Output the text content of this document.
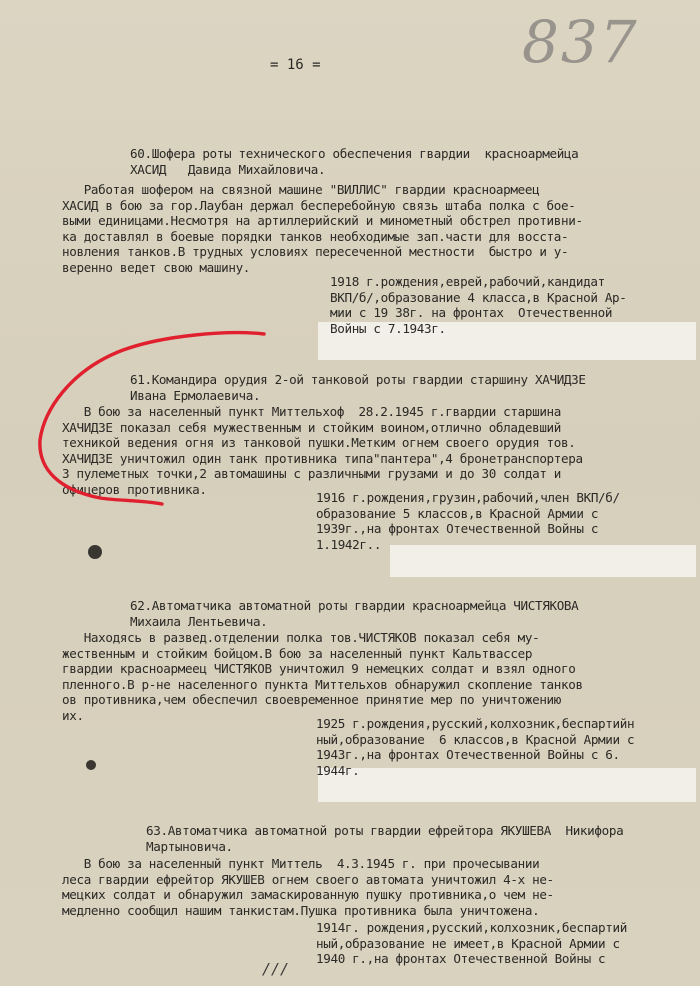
837
= 16 =
60.Шофера роты технического обеспечения гвардии  красноармейца
ХАСИД   Давида Михайловича.
Работая шофером на связной машине "ВИЛЛИС" гвардии красноармеец
ХАСИД в бою за гор.Лаубан держал бесперебойную связь штаба полка с бое-
выми единицами.Несмотря на артиллерийский и минометный обстрел противни-
ка доставлял в боевые порядки танков необходимые зап.части для восста-
новления танков.В трудных условиях пересеченной местности  быстро и у-
веренно ведет свою машину.
1918 г.рождения,еврей,рабочий,кандидат
ВКП/б/,образование 4 класса,в Красной Ар-
мии с 19 38г. на фронтах  Отечественной
Войны с 7.1943г.
61.Командира орудия 2-ой танковой роты гвардии старшину ХАЧИДЗЕ
Ивана Ермолаевича.
В бою за населенный пункт Миттельхоф  28.2.1945 г.гвардии старшина
ХАЧИДЗЕ показал себя мужественным и стойким воином,отлично обладевший
техникой ведения огня из танковой пушки.Метким огнем своего орудия тов.
ХАЧИДЗЕ уничтожил один танк противника типа"пантера",4 бронетранспортера
3 пулеметных точки,2 автомашины с различными грузами и до 30 солдат и
офицеров противника.
1916 г.рождения,грузин,рабочий,член ВКП/б/
образование 5 классов,в Красной Армии с
1939г.,на фронтах Отечественной Войны с
1.1942г..
62.Автоматчика автоматной роты гвардии красноармейца ЧИСТЯКОВА
Михаила Лентьевича.
Находясь в развед.отделении полка тов.ЧИСТЯКОВ показал себя му-
жественным и стойким бойцом.В бою за населенный пункт Кальтвассер
гвардии красноармеец ЧИСТЯКОВ уничтожил 9 немецких солдат и взял одного
пленного.В р-не населенного пункта Миттельхов обнаружил скопление танков
ов противника,чем обеспечил своевременное принятие мер по уничтожению
их.
1925 г.рождения,русский,колхозник,беспартийн
ный,образование  6 классов,в Красной Армии с
1943г.,на фронтах Отечественной Войны с 6.
1944г.
63.Автоматчика автоматной роты гвардии ефрейтора ЯКУШЕВА  Никифора
Мартыновича.
В бою за населенный пункт Миттель  4.3.1945 г. при прочесывании
леса гвардии ефрейтор ЯКУШЕВ огнем своего автомата уничтожил 4-х не-
мецких солдат и обнаружил замаскированную пушку противника,о чем не-
медленно сообщил нашим танкистам.Пушка противника была уничтожена.
1914г. рождения,русский,колхозник,беспартий
ный,образование не имеет,в Красной Армии с
1940 г.,на фронтах Отечественной Войны с
///
